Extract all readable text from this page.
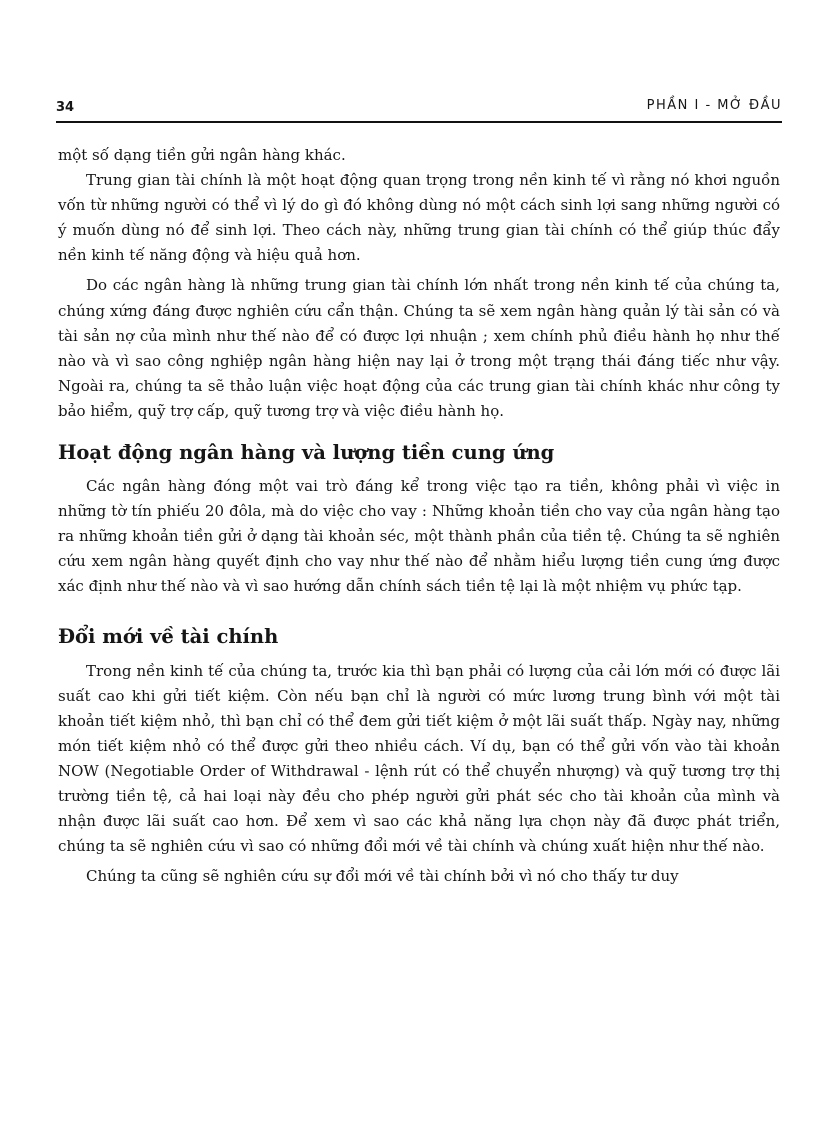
34	PHẦN I - MỞ ĐẦU

một số dạng tiền gửi ngân hàng khác.

Trung gian tài chính là một hoạt động quan trọng trong nền kinh tế vì rằng nó khơi nguồn vốn từ những người có thể vì lý do gì đó không dùng nó một cách sinh lợi sang những người có ý muốn dùng nó để sinh lợi. Theo cách này, những trung gian tài chính có thể giúp thúc đẩy nền kinh tế năng động và hiệu quả hơn.

Do các ngân hàng là những trung gian tài chính lớn nhất trong nền kinh tế của chúng ta, chúng xứng đáng được nghiên cứu cẩn thận. Chúng ta sẽ xem ngân hàng quản lý tài sản có và tài sản nợ của mình như thế nào để có được lợi nhuận ; xem chính phủ điều hành họ như thế nào và vì sao công nghiệp ngân hàng hiện nay lại ở trong một trạng thái đáng tiếc như vậy. Ngoài ra, chúng ta sẽ thảo luận việc hoạt động của các trung gian tài chính khác như công ty bảo hiểm, quỹ trợ cấp, quỹ tương trợ và việc điều hành họ.

Hoạt động ngân hàng và lượng tiền cung ứng

Các ngân hàng đóng một vai trò đáng kể trong việc tạo ra tiền, không phải vì việc in những tờ tín phiếu 20 đôla, mà do việc cho vay : Những khoản tiền cho vay của ngân hàng tạo ra những khoản tiền gửi ở dạng tài khoản séc, một thành phần của tiền tệ. Chúng ta sẽ nghiên cứu xem ngân hàng quyết định cho vay như thế nào để nhằm hiểu lượng tiền cung ứng được xác định như thế nào và vì sao hướng dẫn chính sách tiền tệ lại là một nhiệm vụ phức tạp.

Đổi mới về tài chính

Trong nền kinh tế của chúng ta, trước kia thì bạn phải có lượng của cải lớn mới có được lãi suất cao khi gửi tiết kiệm. Còn nếu bạn chỉ là người có mức lương trung bình với một tài khoản tiết kiệm nhỏ, thì bạn chỉ có thể đem gửi tiết kiệm ở một lãi suất thấp. Ngày nay, những món tiết kiệm nhỏ có thể được gửi theo nhiều cách. Ví dụ, bạn có thể gửi vốn vào tài khoản NOW (Negotiable Order of Withdrawal - lệnh rút có thể chuyển nhượng) và quỹ tương trợ thị trường tiền tệ, cả hai loại này đều cho phép người gửi phát séc cho tài khoản của mình và nhận được lãi suất cao hơn. Để xem vì sao các khả năng lựa chọn này đã được phát triển, chúng ta sẽ nghiên cứu vì sao có những đổi mới về tài chính và chúng xuất hiện như thế nào.

Chúng ta cũng sẽ nghiên cứu sự đổi mới về tài chính bởi vì nó cho thấy tư duy
